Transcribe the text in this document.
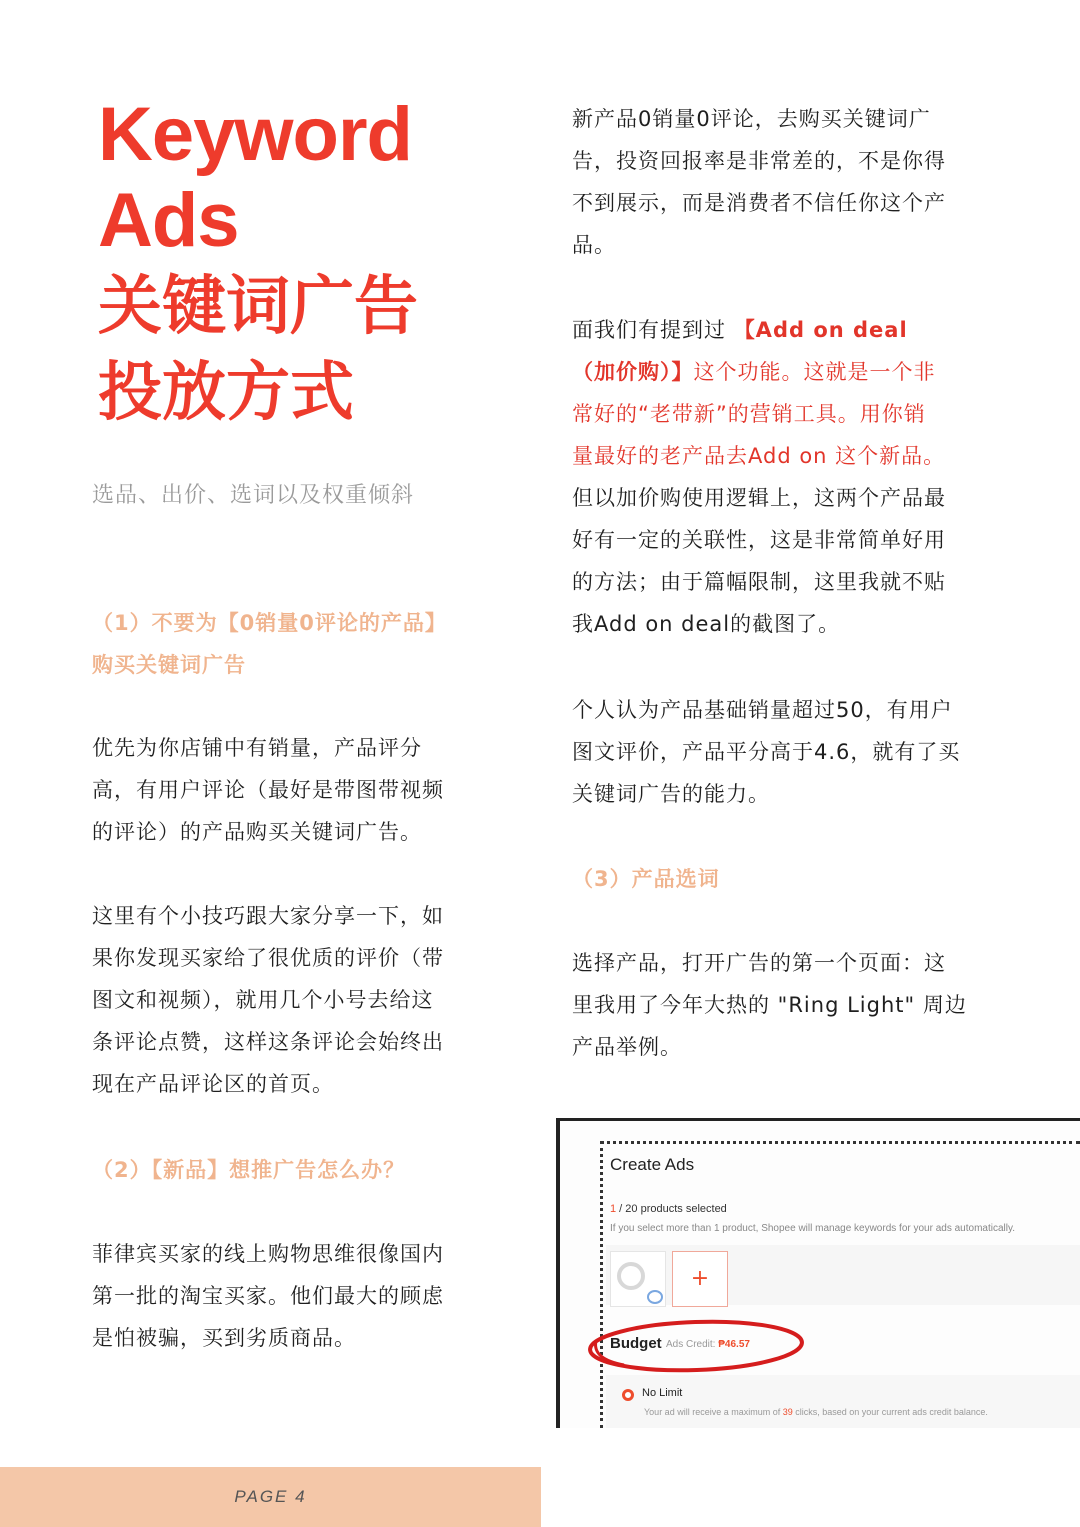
Keyword
Ads
关键词广告
投放方式
选品、出价、选词以及权重倾斜
（1）不要为【0销量0评论的产品】
购买关键词广告
优先为你店铺中有销量，产品评分
高，有用户评论（最好是带图带视频
的评论）的产品购买关键词广告。
这里有个小技巧跟大家分享一下，如
果你发现买家给了很优质的评价（带
图文和视频），就用几个小号去给这
条评论点赞，这样这条评论会始终出
现在产品评论区的首页。
（2）【新品】想推广告怎么办？
菲律宾买家的线上购物思维很像国内
第一批的淘宝买家。他们最大的顾虑
是怕被骗，买到劣质商品。
新产品0销量0评论，去购买关键词广
告，投资回报率是非常差的，不是你得
不到展示，而是消费者不信任你这个产
品。
面我们有提到过 【Add on deal
（加价购）】这个功能。这就是一个非
常好的“老带新”的营销工具。用你销
量最好的老产品去Add on 这个新品。
但以加价购使用逻辑上，这两个产品最
好有一定的关联性，这是非常简单好用
的方法；由于篇幅限制，这里我就不贴
我Add on deal的截图了。
个人认为产品基础销量超过50，有用户
图文评价，产品平分高于4.6，就有了买
关键词广告的能力。
（3）产品选词
选择产品，打开广告的第一个页面：这
里我用了今年大热的 "Ring Light" 周边
产品举例。
Create Ads
1 / 20 products selected
If you select more than 1 product, Shopee will manage keywords for your ads automatically.
+
Budget Ads Credit: ₱46.57
No Limit
Your ad will receive a maximum of 39 clicks, based on your current ads credit balance.
PAGE 4
